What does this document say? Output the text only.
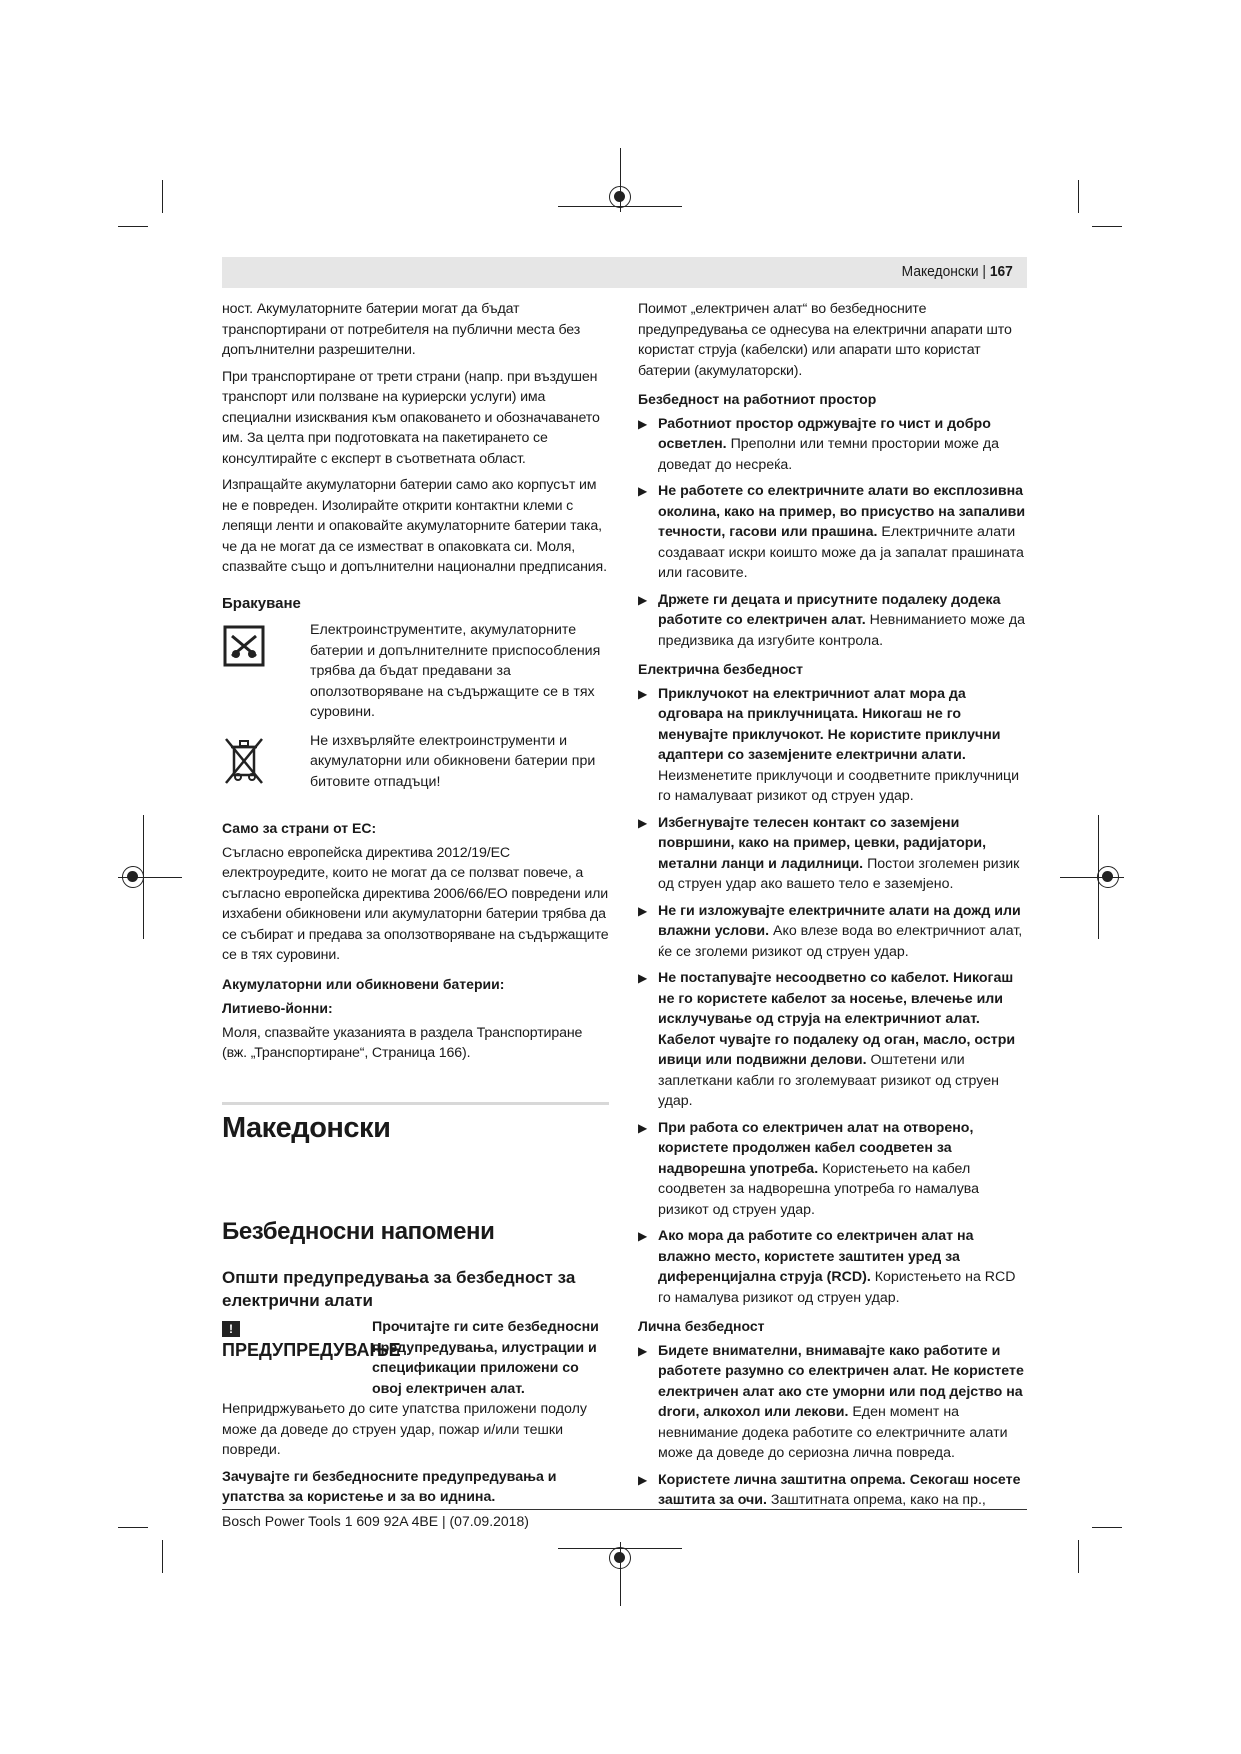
Македонски | 167

ност. Акумулаторните батерии могат да бъдат транспортирани от потребителя на публични места без допълнителни разрешителни.

При транспортиране от трети страни (напр. при въздушен транспорт или ползване на куриерски услуги) има специални изисквания към опаковането и обозначаването им. За целта при подготовката на пакетирането се консултирайте с експерт в съответната област.

Изпращайте акумулаторни батерии само ако корпусът им не е повреден. Изолирайте открити контактни клеми с лепящи ленти и опаковайте акумулаторните батерии така, че да не могат да се изместват в опаковката си. Моля, спазвайте също и допълнителни национални предписания.

Бракуване
Електроинструментите, акумулаторните батерии и допълнителните приспособления трябва да бъдат предавани за оползотворяване на съдържащите се в тях суровини.
Не изхвърляйте електроинструменти и акумулаторни или обикновени батерии при битовите отпадъци!
Само за страни от ЕС:

Съгласно европейска директива 2012/19/ЕС електроуредите, които не могат да се ползват повече, а съгласно европейска директива 2006/66/ЕО повредени или изхабени обикновени или акумулаторни батерии трябва да се събират и предава за оползотворяване на съдържащите се в тях суровини.

Акумулаторни или обикновени батерии:
Литиево-йонни:

Моля, спазвайте указанията в раздела Транспортиране (вж. „Транспортиране“, Страница 166).

Македонски
Безбедносни напомени
Општи предупредувања за безбедност за електрични алати
! ПРЕДУПРЕДУВАЊЕ
Прочитајте ги сите безбедносни предупредувања, илустрации и спецификации приложени со овој електричен алат.
Непридржувањето до сите упатства приложени подолу може да доведе до струен удар, пожар и/или тешки повреди.
Зачувајте ги безбедносните предупредувања и упатства за користење и за во иднина.

Поимот „електричен алат“ во безбедносните предупредувања се однесува на електрични апарати што користат струја (кабелски) или апарати што користат батерии (акумулаторски).

Безбедност на работниот простор
▶ Работниот простор одржувајте го чист и добро осветлен. Преполни или темни простории може да доведат до несреќа.
▶ Не работете со електричните алати во експлозивна околина, како на пример, во присуство на запаливи течности, гасови или прашина. Електричните алати создаваат искри коишто може да ја запалат прашината или гасовите.
▶ Држете ги децата и присутните подалеку додека работите со електричен алат. Невниманието може да предизвика да изгубите контрола.
Електрична безбедност
▶ Приклучокот на електричниот алат мора да одговара на приклучницата. Никогаш не го менувајте приклучокот. Не користите приклучни адаптери со заземјените електрични алати. Неизменетите приклучоци и соодветните приклучници го намалуваат ризикот од струен удар.
▶ Избегнувајте телесен контакт со заземјени површини, како на пример, цевки, радијатори, метални ланци и ладилници. Постои зголемен ризик од струен удар ако вашето тело е заземјено.
▶ Не ги изложувајте електричните алати на дожд или влажни услови. Ако влезе вода во електричниот алат, ќе се зголеми ризикот од струен удар.
▶ Не постапувајте несоодветно со кабелот. Никогаш не го користете кабелот за носење, влечење или исклучување од струја на електричниот алат. Кабелот чувајте го подалеку од оган, масло, остри ивици или подвижни делови. Оштетени или заплеткани кабли го зголемуваат ризикот од струен удар.
▶ При работа со електричен алат на отворено, користете продолжен кабел соодветен за надворешна употреба. Користењето на кабел соодветен за надворешна употреба го намалува ризикот од струен удар.
▶ Ако мора да работите со електричен алат на влажно место, користете заштитен уред за диференцијална струја (RCD). Користењето на RCD го намалува ризикот од струен удар.
Лична безбедност
▶ Бидете внимателни, внимавајте како работите и работете разумно со електричен алат. Не користете електричен алат ако сте уморни или под дејство на droги, алкохол или лекови. Еден момент на невнимание додека работите со електричните алати може да доведе до сериозна лична повреда.
▶ Користете лична заштитна опрема. Секогаш носете заштита за очи. Заштитната опрема, како на пр.,
Bosch Power Tools 1 609 92A 4BE | (07.09.2018)
